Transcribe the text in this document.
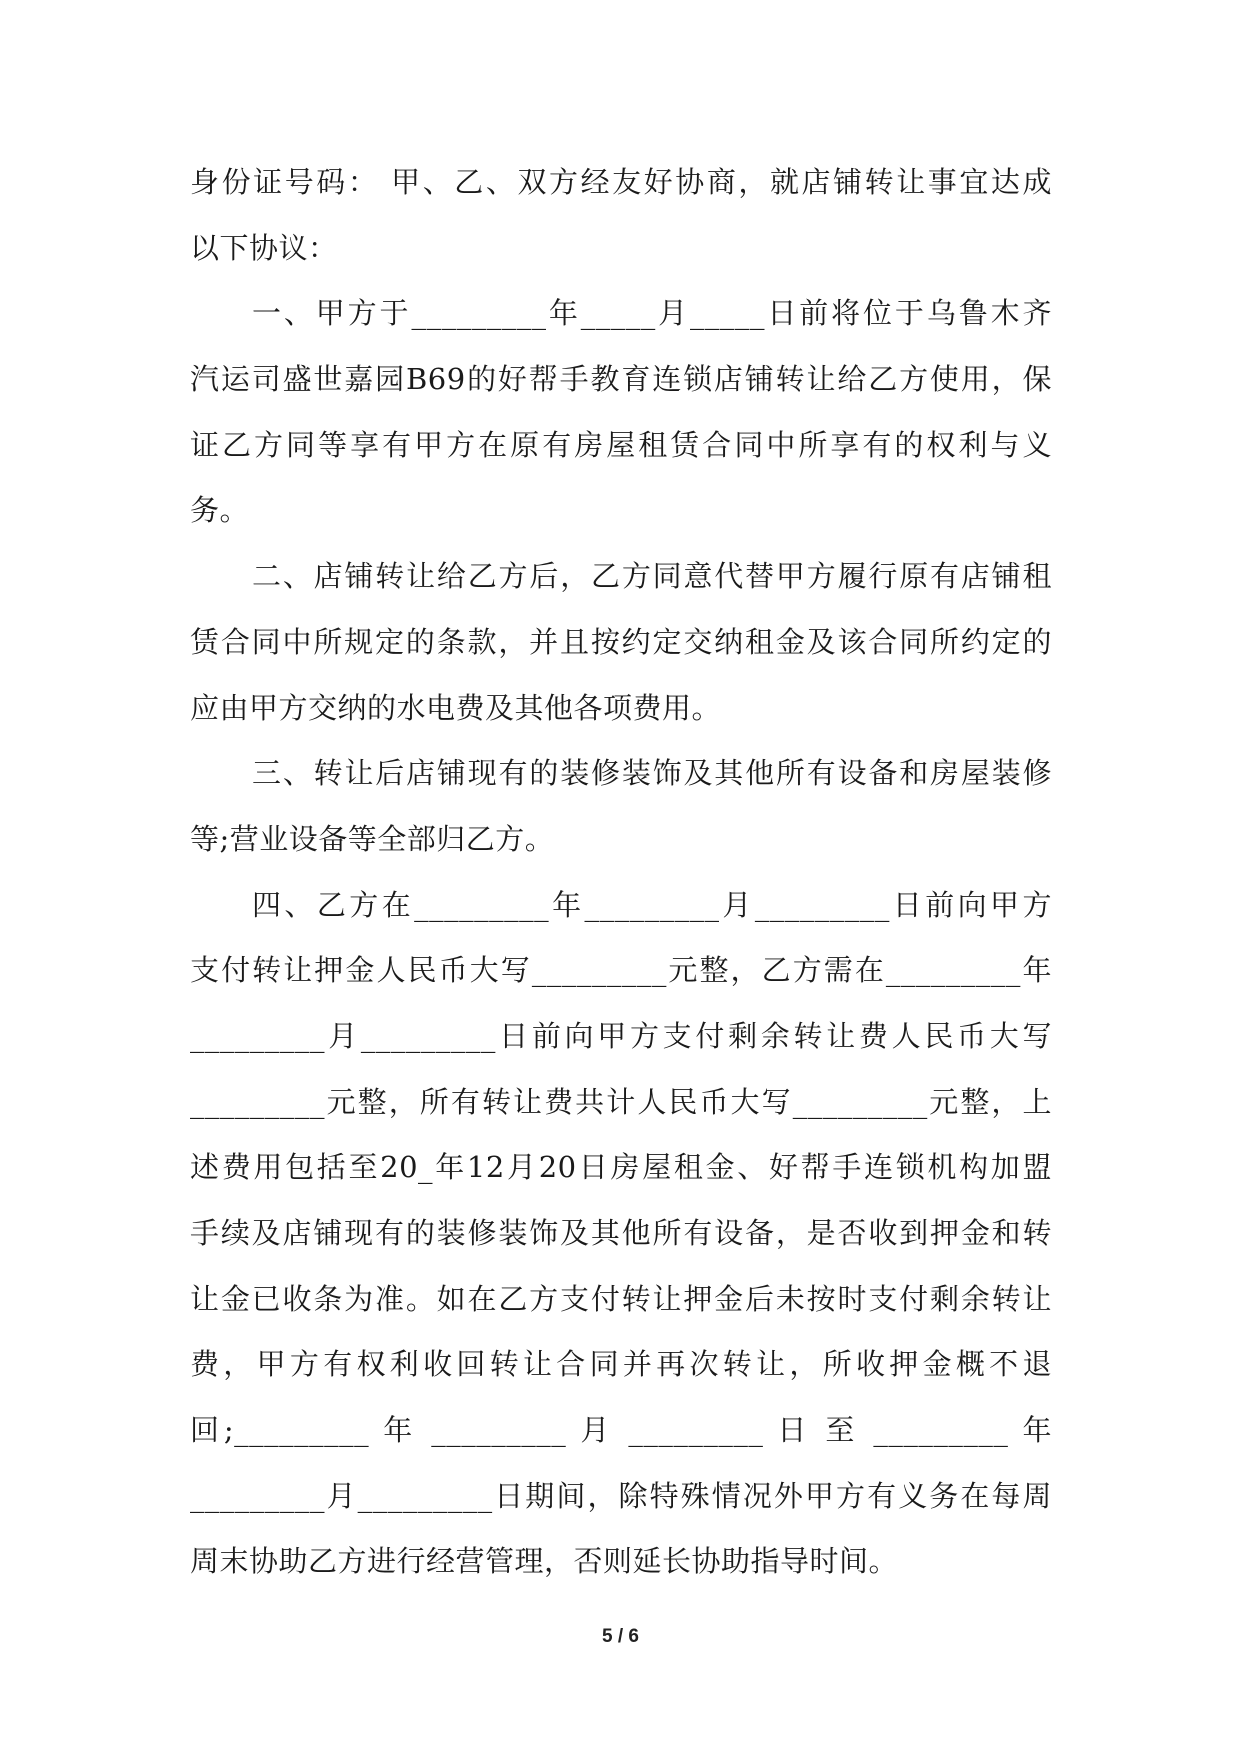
身份证号码： 甲、乙、双方经友好协商，就店铺转让事宜达成
以下协议：
一、甲方于_________年_____月_____日前将位于乌鲁木齐
汽运司盛世嘉园B69的好帮手教育连锁店铺转让给乙方使用，保
证乙方同等享有甲方在原有房屋租赁合同中所享有的权利与义
务。
二、店铺转让给乙方后，乙方同意代替甲方履行原有店铺租
赁合同中所规定的条款，并且按约定交纳租金及该合同所约定的
应由甲方交纳的水电费及其他各项费用。
三、转让后店铺现有的装修装饰及其他所有设备和房屋装修
等;营业设备等全部归乙方。
四、乙方在_________年_________月_________日前向甲方
支付转让押金人民币大写_________元整，乙方需在_________年
_________月_________日前向甲方支付剩余转让费人民币大写
_________元整，所有转让费共计人民币大写_________元整，上
述费用包括至20_年12月20日房屋租金、好帮手连锁机构加盟
手续及店铺现有的装修装饰及其他所有设备，是否收到押金和转
让金已收条为准。如在乙方支付转让押金后未按时支付剩余转让
费，甲方有权利收回转让合同并再次转让，所收押金概不退
回;_________ 年 _________ 月 _________ 日 至 _________ 年
_________月_________日期间，除特殊情况外甲方有义务在每周
周末协助乙方进行经营管理，否则延长协助指导时间。
5 / 6
